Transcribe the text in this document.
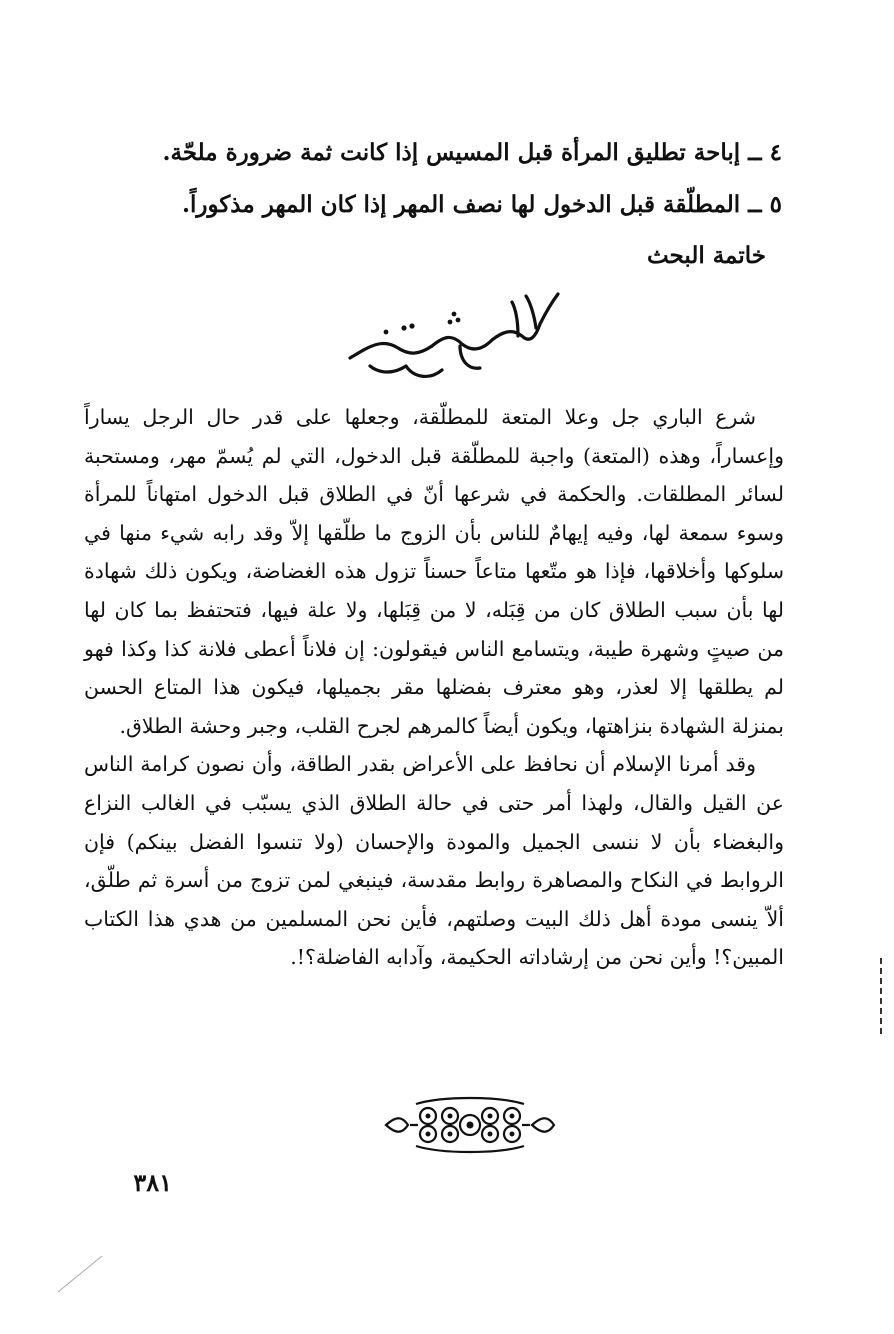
٤ ــ إباحة تطليق المرأة قبل المسيس إذا كانت ثمة ضرورة ملحّة.
٥ ــ المطلّقة قبل الدخول لها نصف المهر إذا كان المهر مذكوراً.
خاتمة البحث

شرع الباري جل وعلا المتعة للمطلّقة، وجعلها على قدر حال الرجل يساراً وإعساراً، وهذه (المتعة) واجبة للمطلّقة قبل الدخول، التي لم يُسمّ مهر، ومستحبة لسائر المطلقات. والحكمة في شرعها أنّ في الطلاق قبل الدخول امتهاناً للمرأة وسوء سمعة لها، وفيه إيهامٌ للناس بأن الزوج ما طلّقها إلاّ وقد رابه شيء منها في سلوكها وأخلاقها، فإذا هو متّعها متاعاً حسناً تزول هذه الغضاضة، ويكون ذلك شهادة لها بأن سبب الطلاق كان من قِبَله، لا من قِبَلها، ولا علة فيها، فتحتفظ بما كان لها من صيتٍ وشهرة طيبة، ويتسامع الناس فيقولون: إن فلاناً أعطى فلانة كذا وكذا فهو لم يطلقها إلا لعذر، وهو معترف بفضلها مقر بجميلها، فيكون هذا المتاع الحسن بمنزلة الشهادة بنزاهتها، ويكون أيضاً كالمرهم لجرح القلب، وجبر وحشة الطلاق.

وقد أمرنا الإسلام أن نحافظ على الأعراض بقدر الطاقة، وأن نصون كرامة الناس عن القيل والقال، ولهذا أمر حتى في حالة الطلاق الذي يسبّب في الغالب النزاع والبغضاء بأن لا ننسى الجميل والمودة والإحسان (ولا تنسوا الفضل بينكم) فإن الروابط في النكاح والمصاهرة روابط مقدسة، فينبغي لمن تزوج من أسرة ثم طلّق، ألاّ ينسى مودة أهل ذلك البيت وصلتهم، فأين نحن المسلمين من هدي هذا الكتاب المبين؟! وأين نحن من إرشاداته الحكيمة، وآدابه الفاضلة؟!.

٣٨١
